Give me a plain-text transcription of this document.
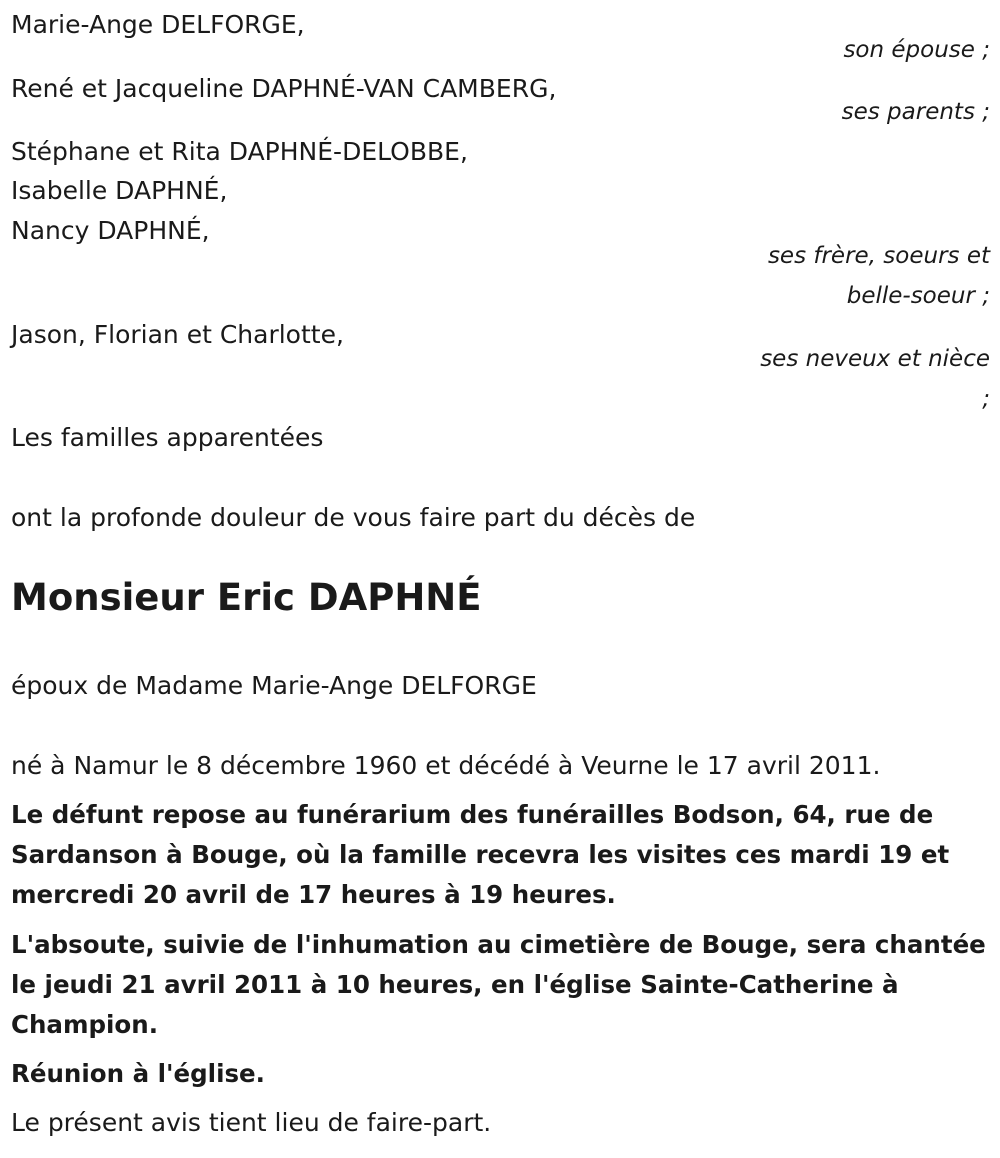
Marie-Ange DELFORGE,

son épouse ;

René et Jacqueline DAPHNÉ-VAN CAMBERG,

ses parents ;

Stéphane et Rita DAPHNÉ-DELOBBE,

Isabelle DAPHNÉ,

Nancy DAPHNÉ,

ses frère, soeurs et

belle-soeur ;

Jason, Florian et Charlotte,

ses neveux et nièce

;

Les familles apparentées

ont la profonde douleur de vous faire part du décès de

Monsieur Eric DAPHNÉ

époux de Madame Marie-Ange DELFORGE

né à Namur le 8 décembre 1960 et décédé à Veurne le 17 avril 2011.

Le défunt repose au funérarium des funérailles Bodson, 64, rue de Sardanson à Bouge, où la famille recevra les visites ces mardi 19 et mercredi 20 avril de 17 heures à 19 heures.

L'absoute, suivie de l'inhumation au cimetière de Bouge, sera chantée le jeudi 21 avril 2011 à 10 heures, en l'église Sainte-Catherine à Champion.

Réunion à l'église.

Le présent avis tient lieu de faire-part.
